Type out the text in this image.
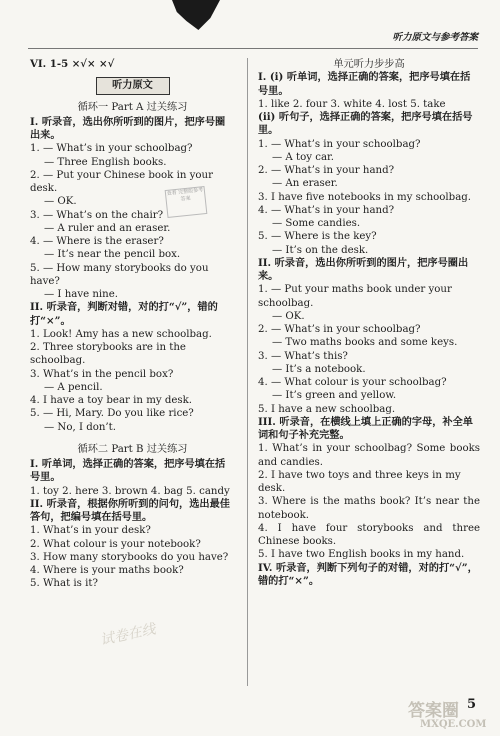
听力原文与参考答案

VI. 1-5 ×√× ×√

听力原文

循环一 Part A 过关练习

I. 听录音，选出你所听到的图片，把序号圈出来。

1. — What’s in your schoolbag?

— Three English books.

2. — Put your Chinese book in your desk.

— OK.

3. — What’s on the chair?

— A ruler and an eraser.

4. — Where is the eraser?

— It’s near the pencil box.

5. — How many storybooks do you have?

— I have nine.

II. 听录音，判断对错，对的打“√”，错的打“×”。

1. Look! Amy has a new schoolbag.

2. Three storybooks are in the schoolbag.

3. What’s in the pencil box?

— A pencil.

4. I have a toy bear in my desk.

5. — Hi, Mary. Do you like rice?

— No, I don’t.

循环二 Part B 过关练习

I. 听单词，选择正确的答案，把序号填在括号里。

1. toy 2. here 3. brown 4. bag 5. candy

II. 听录音，根据你所听到的问句，选出最佳答句，把编号填在括号里。

1. What’s in your desk?

2. What colour is your notebook?

3. How many storybooks do you have?

4. Where is your maths book?

5. What is it?

单元听力步步高

I. (i) 听单词，选择正确的答案，把序号填在括号里。

1. like 2. four 3. white 4. lost 5. take

(ii) 听句子，选择正确的答案，把序号填在括号里。

1. — What’s in your schoolbag?

— A toy car.

2. — What’s in your hand?

— An eraser.

3. I have five notebooks in my schoolbag.

4. — What’s in your hand?

— Some candies.

5. — Where is the key?

— It’s on the desk.

II. 听录音，选出你所听到的图片，把序号圈出来。

1. — Put your maths book under your schoolbag.

— OK.

2. — What’s in your schoolbag?

— Two maths books and some keys.

3. — What’s this?

— It’s a notebook.

4. — What colour is your schoolbag?

— It’s green and yellow.

5. I have a new schoolbag.

III. 听录音，在横线上填上正确的字母，补全单词和句子补充完整。

1. What’s in your schoolbag? Some books and candies.

2. I have two toys and three keys in my desk.

3. Where is the maths book? It’s near the notebook.

4. I have four storybooks and three Chinese books.

5. I have two English books in my hand.

IV. 听录音，判断下列句子的对错，对的打“√”，错的打“×”。

查看 完整版参考答案
试卷在线
5
答案圈
MXQE.COM
